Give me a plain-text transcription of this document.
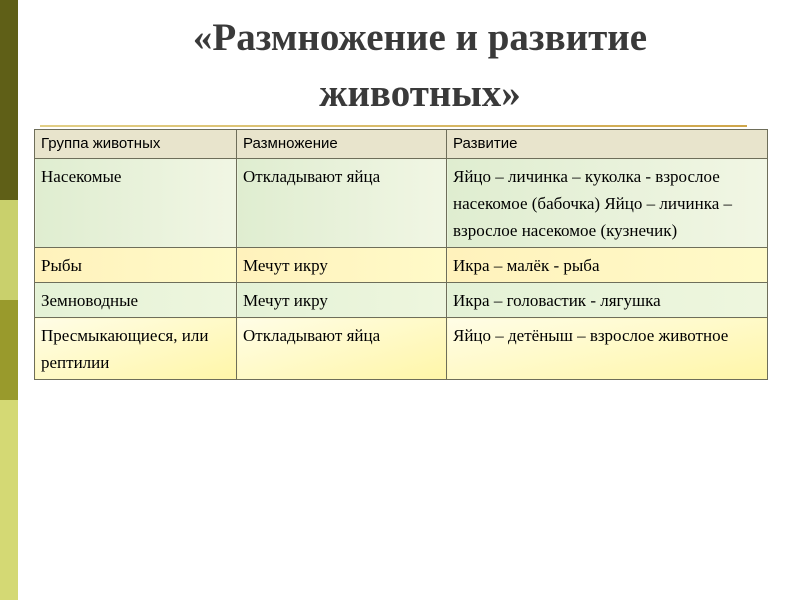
«Размножение и развитие
животных»
Группа животных	Размножение	Развитие
Насекомые	Откладывают яйца	Яйцо – личинка – куколка - взрослое насекомое (бабочка) Яйцо – личинка – взрослое насекомое (кузнечик)
Рыбы	Мечут икру	Икра – малёк - рыба
Земноводные	Мечут икру	Икра – головастик - лягушка
Пресмыкающиеся, или рептилии	Откладывают яйца	Яйцо – детёныш – взрослое животное
